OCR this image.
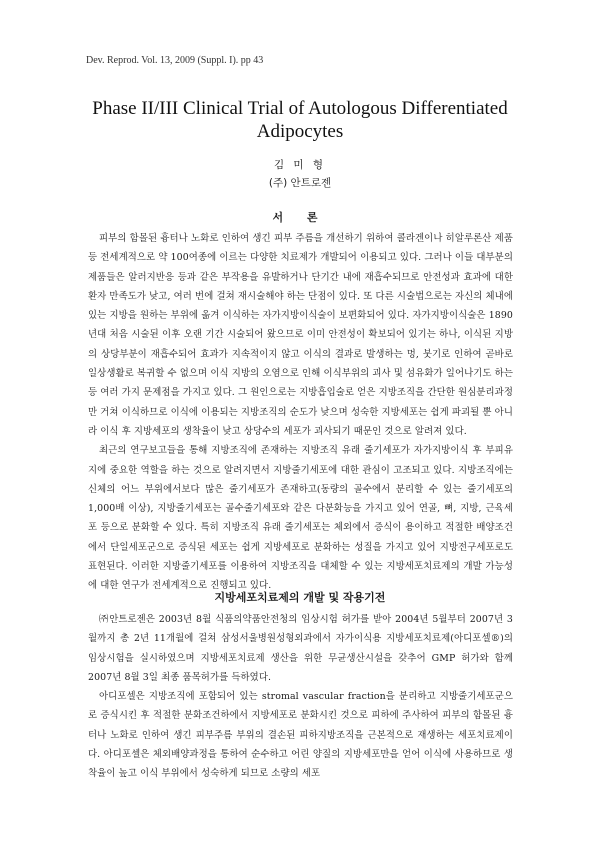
Dev. Reprod. Vol. 13, 2009 (Suppl. I). pp 43
Phase II/III Clinical Trial of Autologous Differentiated
Adipocytes
김 미 형
(주) 안트로젠
서 론

피부의 함몰된 흉터나 노화로 인하여 생긴 피부 주름을 개선하기 위하여 콜라겐이나 히알루론산 제품 등 전세계적으로 약 100여종에 이르는 다양한 치료제가 개발되어 이용되고 있다. 그러나 이들 대부분의 제품들은 알러지반응 등과 같은 부작용을 유발하거나 단기간 내에 재흡수되므로 안전성과 효과에 대한 환자 만족도가 낮고, 여러 번에 걸쳐 재시술해야 하는 단점이 있다. 또 다른 시술법으로는 자신의 체내에 있는 지방을 원하는 부위에 옮겨 이식하는 자가지방이식술이 보편화되어 있다. 자가지방이식술은 1890년대 처음 시술된 이후 오랜 기간 시술되어 왔으므로 이미 안전성이 확보되어 있기는 하나, 이식된 지방의 상당부분이 재흡수되어 효과가 지속적이지 않고 이식의 결과로 발생하는 멍, 붓기로 인하여 곧바로 일상생활로 복귀할 수 없으며 이식 지방의 오염으로 인해 이식부위의 괴사 및 섬유화가 일어나기도 하는 등 여러 가지 문제점을 가지고 있다. 그 원인으로는 지방흡입술로 얻은 지방조직을 간단한 원심분리과정만 거쳐 이식하므로 이식에 이용되는 지방조직의 순도가 낮으며 성숙한 지방세포는 쉽게 파괴될 뿐 아니라 이식 후 지방세포의 생착율이 낮고 상당수의 세포가 괴사되기 때문인 것으로 알려져 있다.

최근의 연구보고들을 통해 지방조직에 존재하는 지방조직 유래 줄기세포가 자가지방이식 후 부피유지에 중요한 역할을 하는 것으로 알려지면서 지방줄기세포에 대한 관심이 고조되고 있다. 지방조직에는 신체의 어느 부위에서보다 많은 줄기세포가 존재하고(동량의 골수에서 분리할 수 있는 줄기세포의 1,000배 이상), 지방줄기세포는 골수줄기세포와 같은 다분화능을 가지고 있어 연골, 뼈, 지방, 근육세포 등으로 분화할 수 있다. 특히 지방조직 유래 줄기세포는 체외에서 증식이 용이하고 적절한 배양조건에서 단일세포군으로 증식된 세포는 쉽게 지방세포로 분화하는 성질을 가지고 있어 지방전구세포로도 표현된다. 이러한 지방줄기세포를 이용하여 지방조직을 대체할 수 있는 지방세포치료제의 개발 가능성에 대한 연구가 전세계적으로 진행되고 있다.

지방세포치료제의 개발 및 작용기전

㈜안트로젠은 2003년 8월 식품의약품안전청의 임상시험 허가를 받아 2004년 5월부터 2007년 3월까지 총 2년 11개월에 걸쳐 삼성서울병원성형외과에서 자가이식용 지방세포치료제(아디포셀®)의 임상시험을 실시하였으며 지방세포치료제 생산을 위한 무균생산시설을 갖추어 GMP 허가와 함께 2007년 8월 3일 최종 품목허가를 득하였다.

아디포셀은 지방조직에 포함되어 있는 stromal vascular fraction을 분리하고 지방줄기세포군으로 증식시킨 후 적절한 분화조건하에서 지방세포로 분화시킨 것으로 피하에 주사하여 피부의 함몰된 흉터나 노화로 인하여 생긴 피부주름 부위의 결손된 피하지방조직을 근본적으로 재생하는 세포치료제이다. 아디포셀은 체외배양과정을 통하여 순수하고 어린 양질의 지방세포만을 얻어 이식에 사용하므로 생착율이 높고 이식 부위에서 성숙하게 되므로 소량의 세포
